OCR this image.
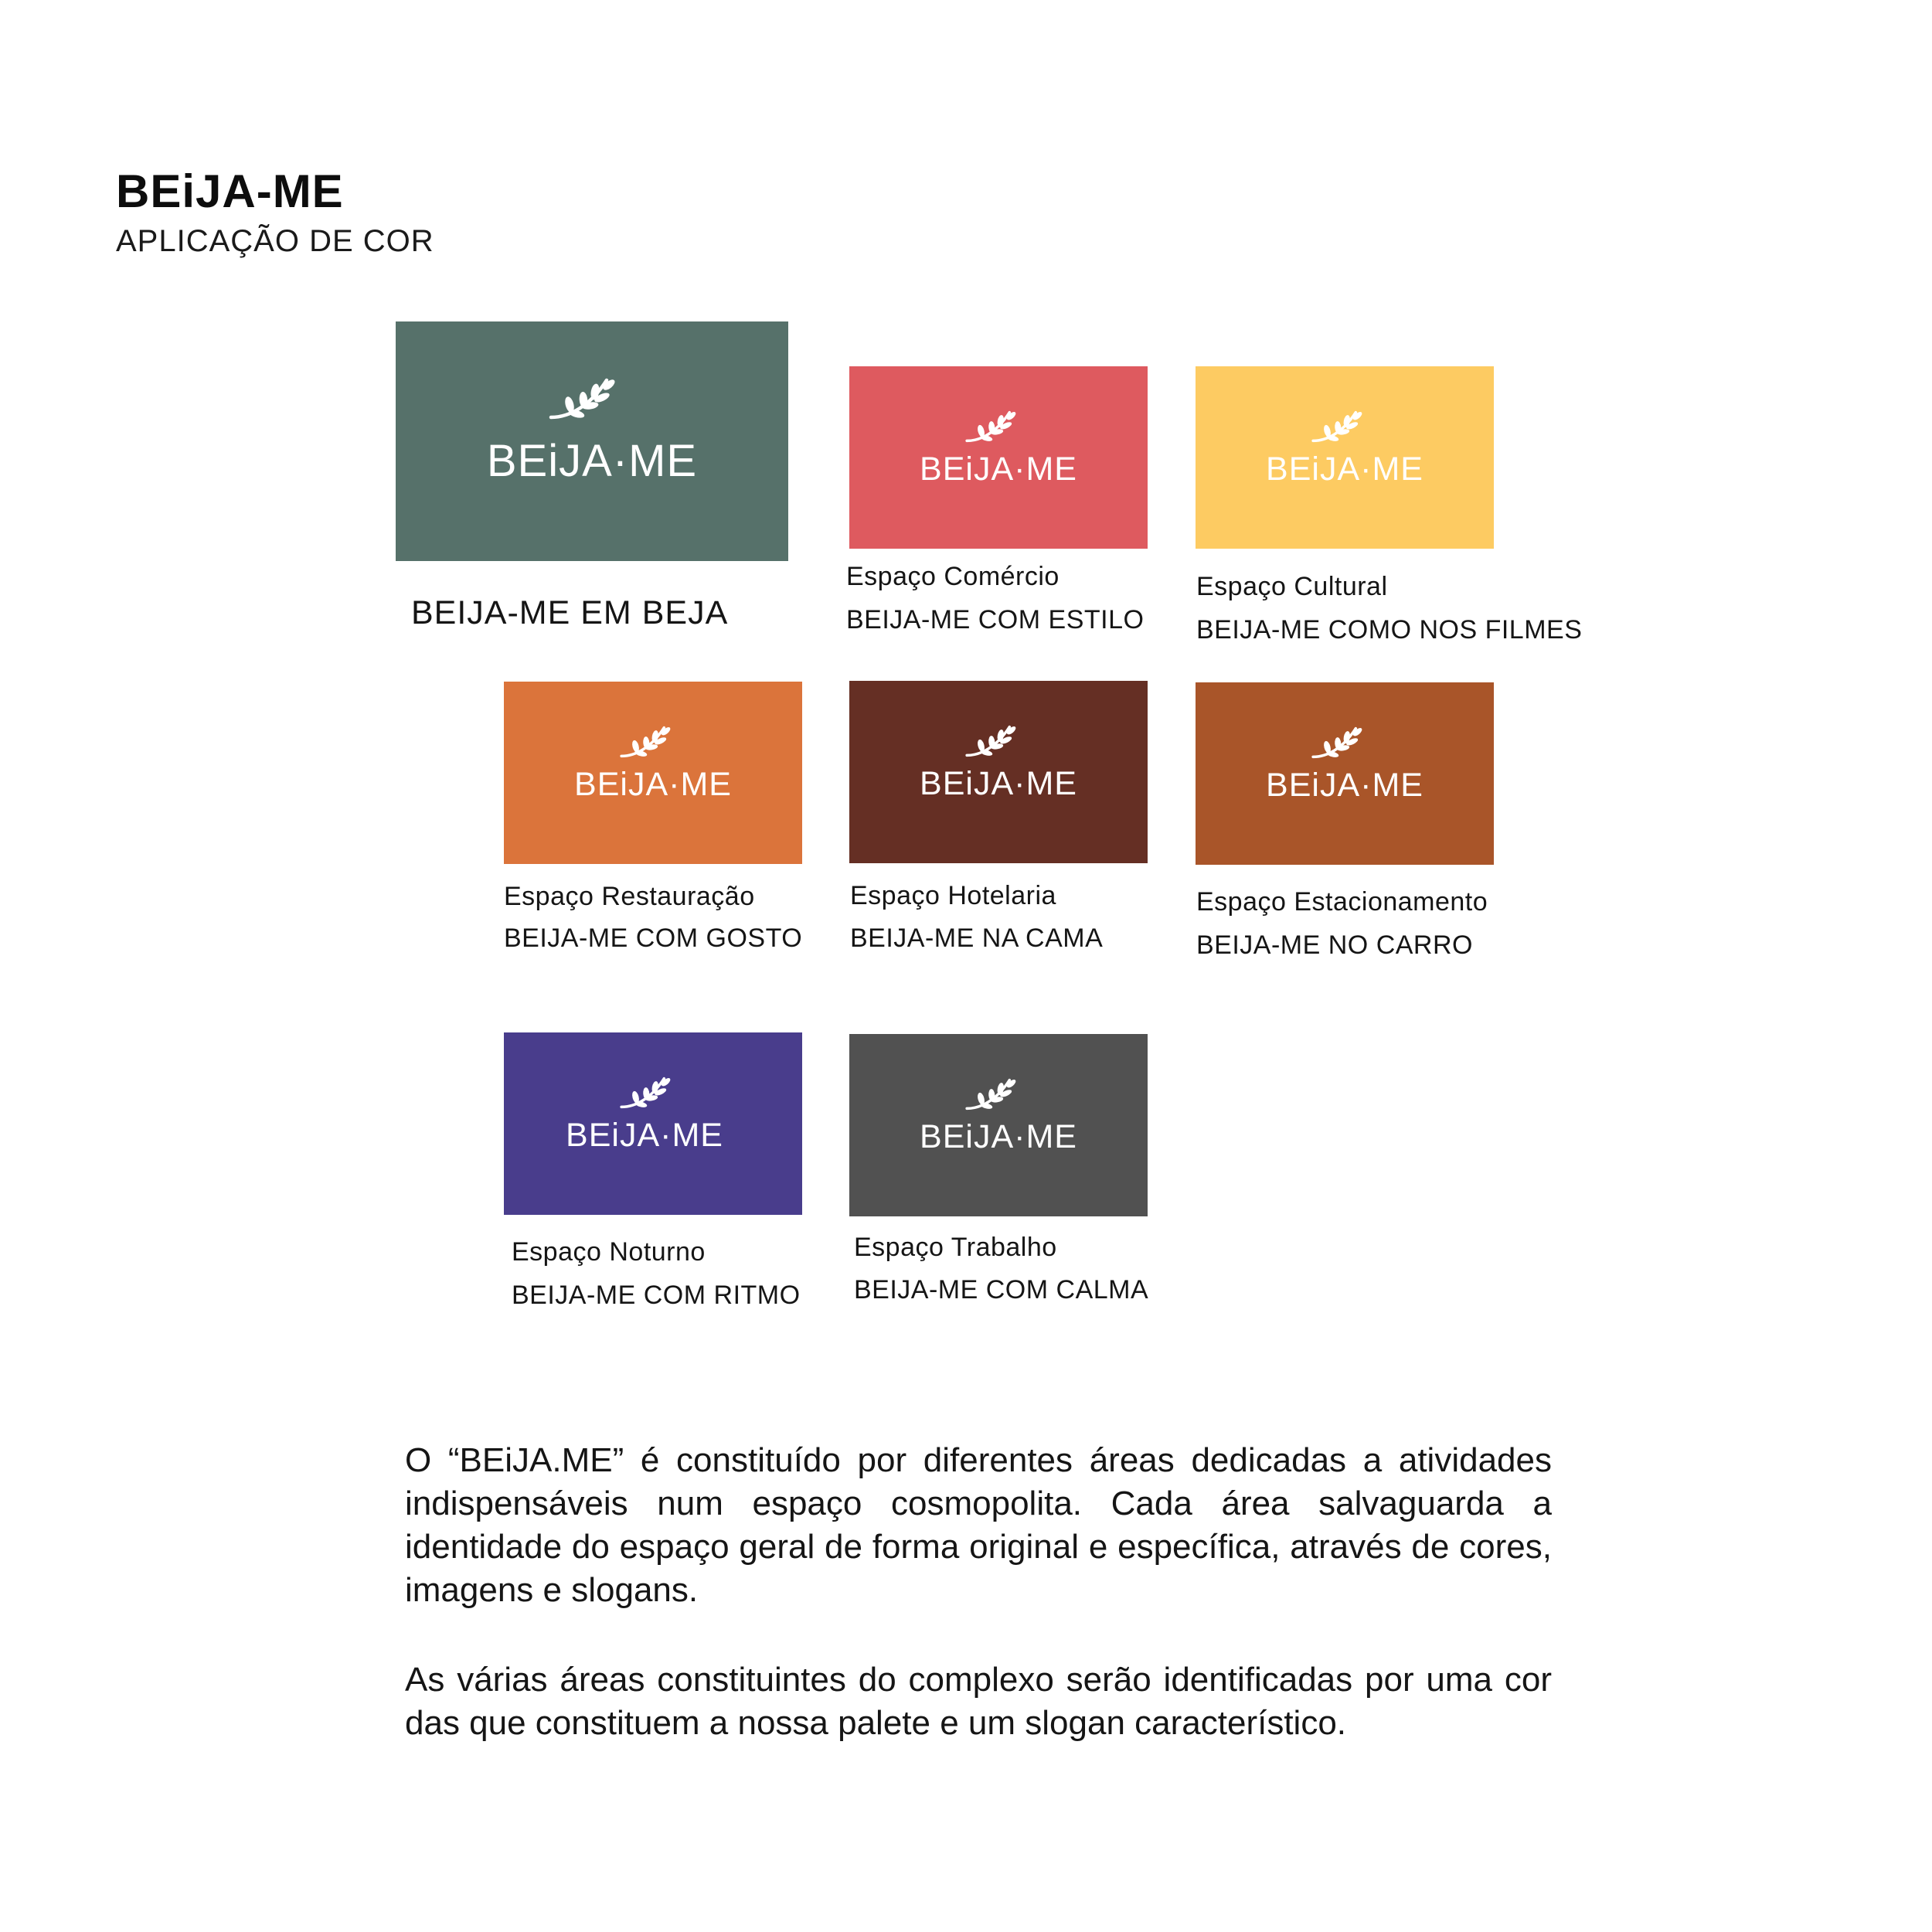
BEiJA-ME
APLICAÇÃO DE COR
BEiJA·ME	BEiJA·ME	BEiJA·ME
BEiJA·ME	BEiJA·ME	BEiJA·ME
BEiJA·ME	BEiJA·ME
BEIJA-ME EM BEJA
Espaço Comércio
BEIJA-ME COM ESTILO
Espaço Cultural
BEIJA-ME COMO NOS FILMES
Espaço Restauração
BEIJA-ME COM GOSTO
Espaço Hotelaria
BEIJA-ME NA CAMA
Espaço Estacionamento
BEIJA-ME NO CARRO
Espaço Noturno
BEIJA-ME COM RITMO
Espaço Trabalho
BEIJA-ME COM CALMA

O “BEiJA.ME” é constituído por diferentes áreas dedicadas a atividades indispensáveis num espaço cosmopolita. Cada área salvaguarda a identidade do espaço geral de forma original e específica, através de cores, imagens e slogans.

As várias áreas constituintes do complexo serão identificadas por uma cor das que constituem a nossa palete e um slogan característico.
